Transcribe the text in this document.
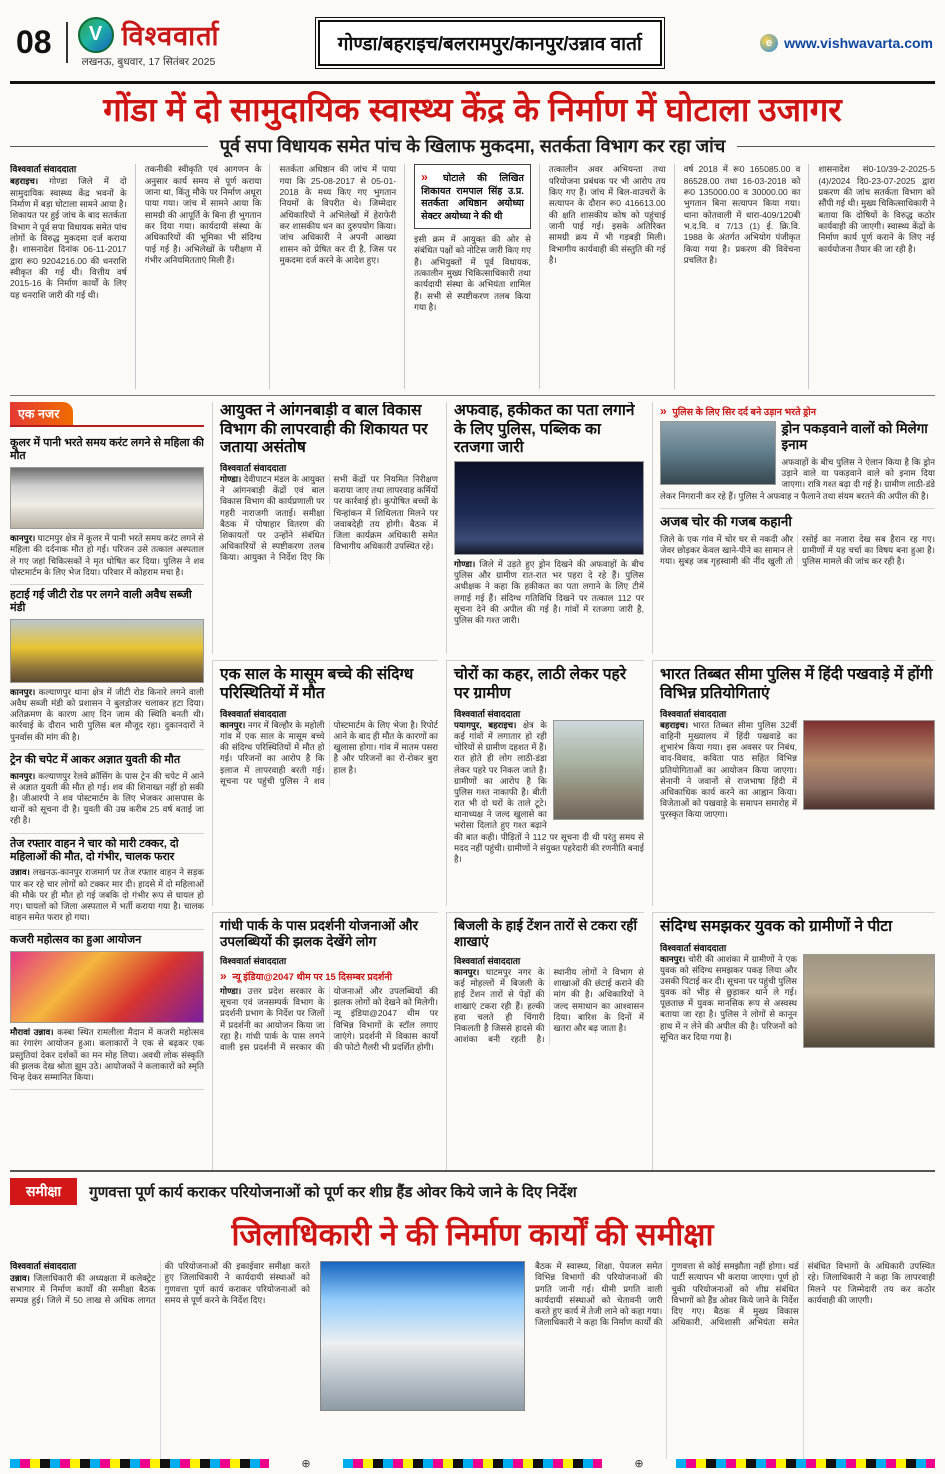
08	V विश्ववार्ता
लखनऊ, बुधवार, 17 सितंबर 2025
गोण्डा/बहराइच/बलरामपुर/कानपुर/उन्नाव वार्ता	e www.vishwavarta.com
गोंडा में दो सामुदायिक स्वास्थ्य केंद्र के निर्माण में घोटाला उजागर
पूर्व सपा विधायक समेत पांच के खिलाफ मुकदमा, सतर्कता विभाग कर रहा जांच
विश्ववार्ता संवाददाता
बहराइच। गोण्डा जिले में दो सामुदायिक स्वास्थ्य केंद्र भवनों के निर्माण में बड़ा घोटाला सामने आया है। शिकायत पर हुई जांच के बाद सतर्कता विभाग ने पूर्व सपा विधायक समेत पांच लोगों के विरुद्ध मुकदमा दर्ज कराया है। शासनादेश दिनांक 06-11-2017 द्वारा रू0 9204216.00 की धनराशि स्वीकृत की गई थी। वित्तीय वर्ष 2015-16 के निर्माण कार्यों के लिए यह धनराशि जारी की गई थी।
तकनीकी स्वीकृति एवं आगणन के अनुसार कार्य समय से पूर्ण कराया जाना था, किंतु मौके पर निर्माण अधूरा पाया गया। जांच में सामने आया कि सामग्री की आपूर्ति के बिना ही भुगतान कर दिया गया। कार्यदायी संस्था के अधिकारियों की भूमिका भी संदिग्ध पाई गई है। अभिलेखों के परीक्षण में गंभीर अनियमितताएं मिली हैं।
सतर्कता अधिष्ठान की जांच में पाया गया कि 25-08-2017 से 05-01-2018 के मध्य किए गए भुगतान नियमों के विपरीत थे। जिम्मेदार अधिकारियों ने अभिलेखों में हेराफेरी कर शासकीय धन का दुरुपयोग किया। जांच अधिकारी ने अपनी आख्या शासन को प्रेषित कर दी है, जिस पर मुकदमा दर्ज करने के आदेश हुए।
» घोटाले की लिखित शिकायत रामपाल सिंह उ.प्र. सतर्कता अधिष्ठान अयोध्या सेक्टर अयोध्या ने की थी
इसी क्रम में आयुक्त की ओर से संबंधित पक्षों को नोटिस जारी किए गए हैं। अभियुक्तों में पूर्व विधायक, तत्कालीन मुख्य चिकित्साधिकारी तथा कार्यदायी संस्था के अभियंता शामिल हैं। सभी से स्पष्टीकरण तलब किया गया है।
तत्कालीन अवर अभियन्ता तथा परियोजना प्रबंधक पर भी आरोप तय किए गए हैं। जांच में बिल-वाउचरों के सत्यापन के दौरान रू0 416613.00 की क्षति शासकीय कोष को पहुंचाई जानी पाई गई। इसके अतिरिक्त सामग्री क्रय में भी गड़बड़ी मिली। विभागीय कार्यवाही की संस्तुति की गई है।
वर्ष 2018 में रू0 165085.00 व 86528.00 तथा 16-03-2018 को रू0 135000.00 व 30000.00 का भुगतान बिना सत्यापन किया गया। थाना कोतवाली में धारा-409/120बी भ.द.वि. व 7/13 (1) ई. क्रि.वि. 1988 के अंतर्गत अभियोग पंजीकृत किया गया है। प्रकरण की विवेचना प्रचलित है।
शासनादेश सं0-10/39-2-2025-5 (4)/2024 दि0-23-07-2025 द्वारा प्रकरण की जांच सतर्कता विभाग को सौंपी गई थी। मुख्य चिकित्साधिकारी ने बताया कि दोषियों के विरुद्ध कठोर कार्यवाही की जाएगी। स्वास्थ्य केंद्रों के निर्माण कार्य पूर्ण कराने के लिए नई कार्ययोजना तैयार की जा रही है।
एक नजर
कूलर में पानी भरते समय करंट लगने से महिला की मौत
कानपुर। घाटमपुर क्षेत्र में कूलर में पानी भरते समय करंट लगने से महिला की दर्दनाक मौत हो गई। परिजन उसे तत्काल अस्पताल ले गए जहां चिकित्सकों ने मृत घोषित कर दिया। पुलिस ने शव पोस्टमार्टम के लिए भेज दिया। परिवार में कोहराम मचा है।
हटाई गई जीटी रोड पर लगने वाली अवैध सब्जी मंडी
कानपुर। कल्याणपुर थाना क्षेत्र में जीटी रोड किनारे लगने वाली अवैध सब्जी मंडी को प्रशासन ने बुलडोजर चलाकर हटा दिया। अतिक्रमण के कारण आए दिन जाम की स्थिति बनती थी। कार्रवाई के दौरान भारी पुलिस बल मौजूद रहा। दुकानदारों ने पुनर्वास की मांग की है।
ट्रेन की चपेट में आकर अज्ञात युवती की मौत
कानपुर। कल्याणपुर रेलवे क्रॉसिंग के पास ट्रेन की चपेट में आने से अज्ञात युवती की मौत हो गई। शव की शिनाख्त नहीं हो सकी है। जीआरपी ने शव पोस्टमार्टम के लिए भेजकर आसपास के थानों को सूचना दी है। युवती की उम्र करीब 25 वर्ष बताई जा रही है।
तेज रफ्तार वाहन ने चार को मारी टक्कर, दो महिलाओं की मौत, दो गंभीर, चालक फरार
उन्नाव। लखनऊ-कानपुर राजमार्ग पर तेज रफ्तार वाहन ने सड़क पार कर रहे चार लोगों को टक्कर मार दी। हादसे में दो महिलाओं की मौके पर ही मौत हो गई जबकि दो गंभीर रूप से घायल हो गए। घायलों को जिला अस्पताल में भर्ती कराया गया है। चालक वाहन समेत फरार हो गया।
कजरी महोत्सव का हुआ आयोजन
मौरावां उन्नाव। कस्बा स्थित रामलीला मैदान में कजरी महोत्सव का रंगारंग आयोजन हुआ। कलाकारों ने एक से बढ़कर एक प्रस्तुतियां देकर दर्शकों का मन मोह लिया। अवधी लोक संस्कृति की झलक देख श्रोता झूम उठे। आयोजकों ने कलाकारों को स्मृति चिन्ह देकर सम्मानित किया।
आयुक्त ने आंगनबाड़ी व बाल विकास विभाग की लापरवाही की शिकायत पर जताया असंतोष
विश्ववार्ता संवाददाता
गोण्डा। देवीपाटन मंडल के आयुक्त ने आंगनबाड़ी केंद्रों एवं बाल विकास विभाग की कार्यप्रणाली पर गहरी नाराजगी जताई। समीक्षा बैठक में पोषाहार वितरण की शिकायतों पर उन्होंने संबंधित अधिकारियों से स्पष्टीकरण तलब किया। आयुक्त ने निर्देश दिए कि सभी केंद्रों पर नियमित निरीक्षण कराया जाए तथा लापरवाह कर्मियों पर कार्रवाई हो। कुपोषित बच्चों के चिन्हांकन में शिथिलता मिलने पर जवाबदेही तय होगी। बैठक में जिला कार्यक्रम अधिकारी समेत विभागीय अधिकारी उपस्थित रहे।
अफवाह, हकीकत का पता लगाने के लिए पुलिस, पब्लिक का रतजगा जारी
गोण्डा। जिले में उड़ते हुए ड्रोन दिखने की अफवाहों के बीच पुलिस और ग्रामीण रात-रात भर पहरा दे रहे हैं। पुलिस अधीक्षक ने कहा कि हकीकत का पता लगाने के लिए टीमें लगाई गई हैं। संदिग्ध गतिविधि दिखने पर तत्काल 112 पर सूचना देने की अपील की गई है। गांवों में रतजगा जारी है, पुलिस की गश्त जारी।
» पुलिस के लिए सिर दर्द बने उड़ान भरते ड्रोन
ड्रोन पकड़वाने वालों को मिलेगा इनाम
अफवाहों के बीच पुलिस ने ऐलान किया है कि ड्रोन उड़ाने वाले या पकड़वाने वाले को इनाम दिया जाएगा। रात्रि गश्त बढ़ा दी गई है। ग्रामीण लाठी-डंडे लेकर निगरानी कर रहे हैं। पुलिस ने अफवाह न फैलाने तथा संयम बरतने की अपील की है।
अजब चोर की गजब कहानी
जिले के एक गांव में चोर घर से नकदी और जेवर छोड़कर केवल खाने-पीने का सामान ले गया। सुबह जब गृहस्वामी की नींद खुली तो रसोई का नजारा देख सब हैरान रह गए। ग्रामीणों में यह चर्चा का विषय बना हुआ है। पुलिस मामले की जांच कर रही है।
एक साल के मासूम बच्चे की संदिग्ध परिस्थितियों में मौत
विश्ववार्ता संवाददाता
कानपुर। नगर में बिल्हौर के महोली गांव में एक साल के मासूम बच्चे की संदिग्ध परिस्थितियों में मौत हो गई। परिजनों का आरोप है कि इलाज में लापरवाही बरती गई। सूचना पर पहुंची पुलिस ने शव पोस्टमार्टम के लिए भेजा है। रिपोर्ट आने के बाद ही मौत के कारणों का खुलासा होगा। गांव में मातम पसरा है और परिजनों का रो-रोकर बुरा हाल है।
चोरों का कहर, लाठी लेकर पहरे पर ग्रामीण
विश्ववार्ता संवाददाता
पयागपुर, बहराइच। क्षेत्र के कई गांवों में लगातार हो रही चोरियों से ग्रामीण दहशत में हैं। रात होते ही लोग लाठी-डंडा लेकर पहरे पर निकल जाते हैं। ग्रामीणों का आरोप है कि पुलिस गश्त नाकाफी है। बीती रात भी दो घरों के ताले टूटे। थानाध्यक्ष ने जल्द खुलासे का भरोसा दिलाते हुए गश्त बढ़ाने की बात कही। पीड़ितों ने 112 पर सूचना दी थी परंतु समय से मदद नहीं पहुंची। ग्रामीणों ने संयुक्त पहरेदारी की रणनीति बनाई है।
भारत तिब्बत सीमा पुलिस में हिंदी पखवाड़े में होंगी विभिन्न प्रतियोगिताएं
विश्ववार्ता संवाददाता
बहराइच। भारत तिब्बत सीमा पुलिस 32वीं वाहिनी मुख्यालय में हिंदी पखवाड़े का शुभारंभ किया गया। इस अवसर पर निबंध, वाद-विवाद, कविता पाठ सहित विभिन्न प्रतियोगिताओं का आयोजन किया जाएगा। सेनानी ने जवानों से राजभाषा हिंदी में अधिकाधिक कार्य करने का आह्वान किया। विजेताओं को पखवाड़े के समापन समारोह में पुरस्कृत किया जाएगा।
गांधी पार्क के पास प्रदर्शनी योजनाओं और उपलब्धियों की झलक देखेंगे लोग
विश्ववार्ता संवाददाता
» न्यू इंडिया@2047 थीम पर 15 दिसम्बर प्रदर्शनी
गोण्डा। उत्तर प्रदेश सरकार के सूचना एवं जनसम्पर्क विभाग के प्रदर्शनी प्रभाग के निर्देश पर जिलों में प्रदर्शनी का आयोजन किया जा रहा है। गांधी पार्क के पास लगने वाली इस प्रदर्शनी में सरकार की योजनाओं और उपलब्धियों की झलक लोगों को देखने को मिलेगी। न्यू इंडिया@2047 थीम पर विभिन्न विभागों के स्टॉल लगाए जाएंगे। प्रदर्शनी में विकास कार्यों की फोटो गैलरी भी प्रदर्शित होगी।
बिजली के हाई टेंशन तारों से टकरा रहीं शाखाएं
विश्ववार्ता संवाददाता
कानपुर। घाटमपुर नगर के कई मोहल्लों में बिजली के हाई टेंशन तारों से पेड़ों की शाखाएं टकरा रही हैं। हल्की हवा चलते ही चिंगारी निकलती है जिससे हादसे की आशंका बनी रहती है। स्थानीय लोगों ने विभाग से शाखाओं की छंटाई कराने की मांग की है। अधिकारियों ने जल्द समाधान का आश्वासन दिया। बारिश के दिनों में खतरा और बढ़ जाता है।
संदिग्ध समझकर युवक को ग्रामीणों ने पीटा
विश्ववार्ता संवाददाता
कानपुर। चोरी की आशंका में ग्रामीणों ने एक युवक को संदिग्ध समझकर पकड़ लिया और उसकी पिटाई कर दी। सूचना पर पहुंची पुलिस युवक को भीड़ से छुड़ाकर थाने ले गई। पूछताछ में युवक मानसिक रूप से अस्वस्थ बताया जा रहा है। पुलिस ने लोगों से कानून हाथ में न लेने की अपील की है। परिजनों को सूचित कर दिया गया है।
समीक्षा	गुणवत्ता पूर्ण कार्य कराकर परियोजनाओं को पूर्ण कर शीघ्र हैंड ओवर किये जाने के दिए निर्देश
जिलाधिकारी ने की निर्माण कार्यों की समीक्षा
विश्ववार्ता संवाददाता
उन्नाव। जिलाधिकारी की अध्यक्षता में कलेक्ट्रेट सभागार में निर्माण कार्यों की समीक्षा बैठक सम्पन्न हुई। जिले में 50 लाख से अधिक लागत की परियोजनाओं की इकाईवार समीक्षा करते हुए जिलाधिकारी ने कार्यदायी संस्थाओं को गुणवत्ता पूर्ण कार्य कराकर परियोजनाओं को समय से पूर्ण करने के निर्देश दिए।
बैठक में स्वास्थ्य, शिक्षा, पेयजल समेत विभिन्न विभागों की परियोजनाओं की प्रगति जानी गई। धीमी प्रगति वाली कार्यदायी संस्थाओं को चेतावनी जारी करते हुए कार्य में तेजी लाने को कहा गया। जिलाधिकारी ने कहा कि निर्माण कार्यों की गुणवत्ता से कोई समझौता नहीं होगा। थर्ड पार्टी सत्यापन भी कराया जाएगा। पूर्ण हो चुकी परियोजनाओं को शीघ्र संबंधित विभागों को हैंड ओवर किये जाने के निर्देश दिए गए। बैठक में मुख्य विकास अधिकारी, अधिशासी अभियंता समेत संबंधित विभागों के अधिकारी उपस्थित रहे। जिलाधिकारी ने कहा कि लापरवाही मिलने पर जिम्मेदारी तय कर कठोर कार्यवाही की जाएगी।
⊕	⊕
